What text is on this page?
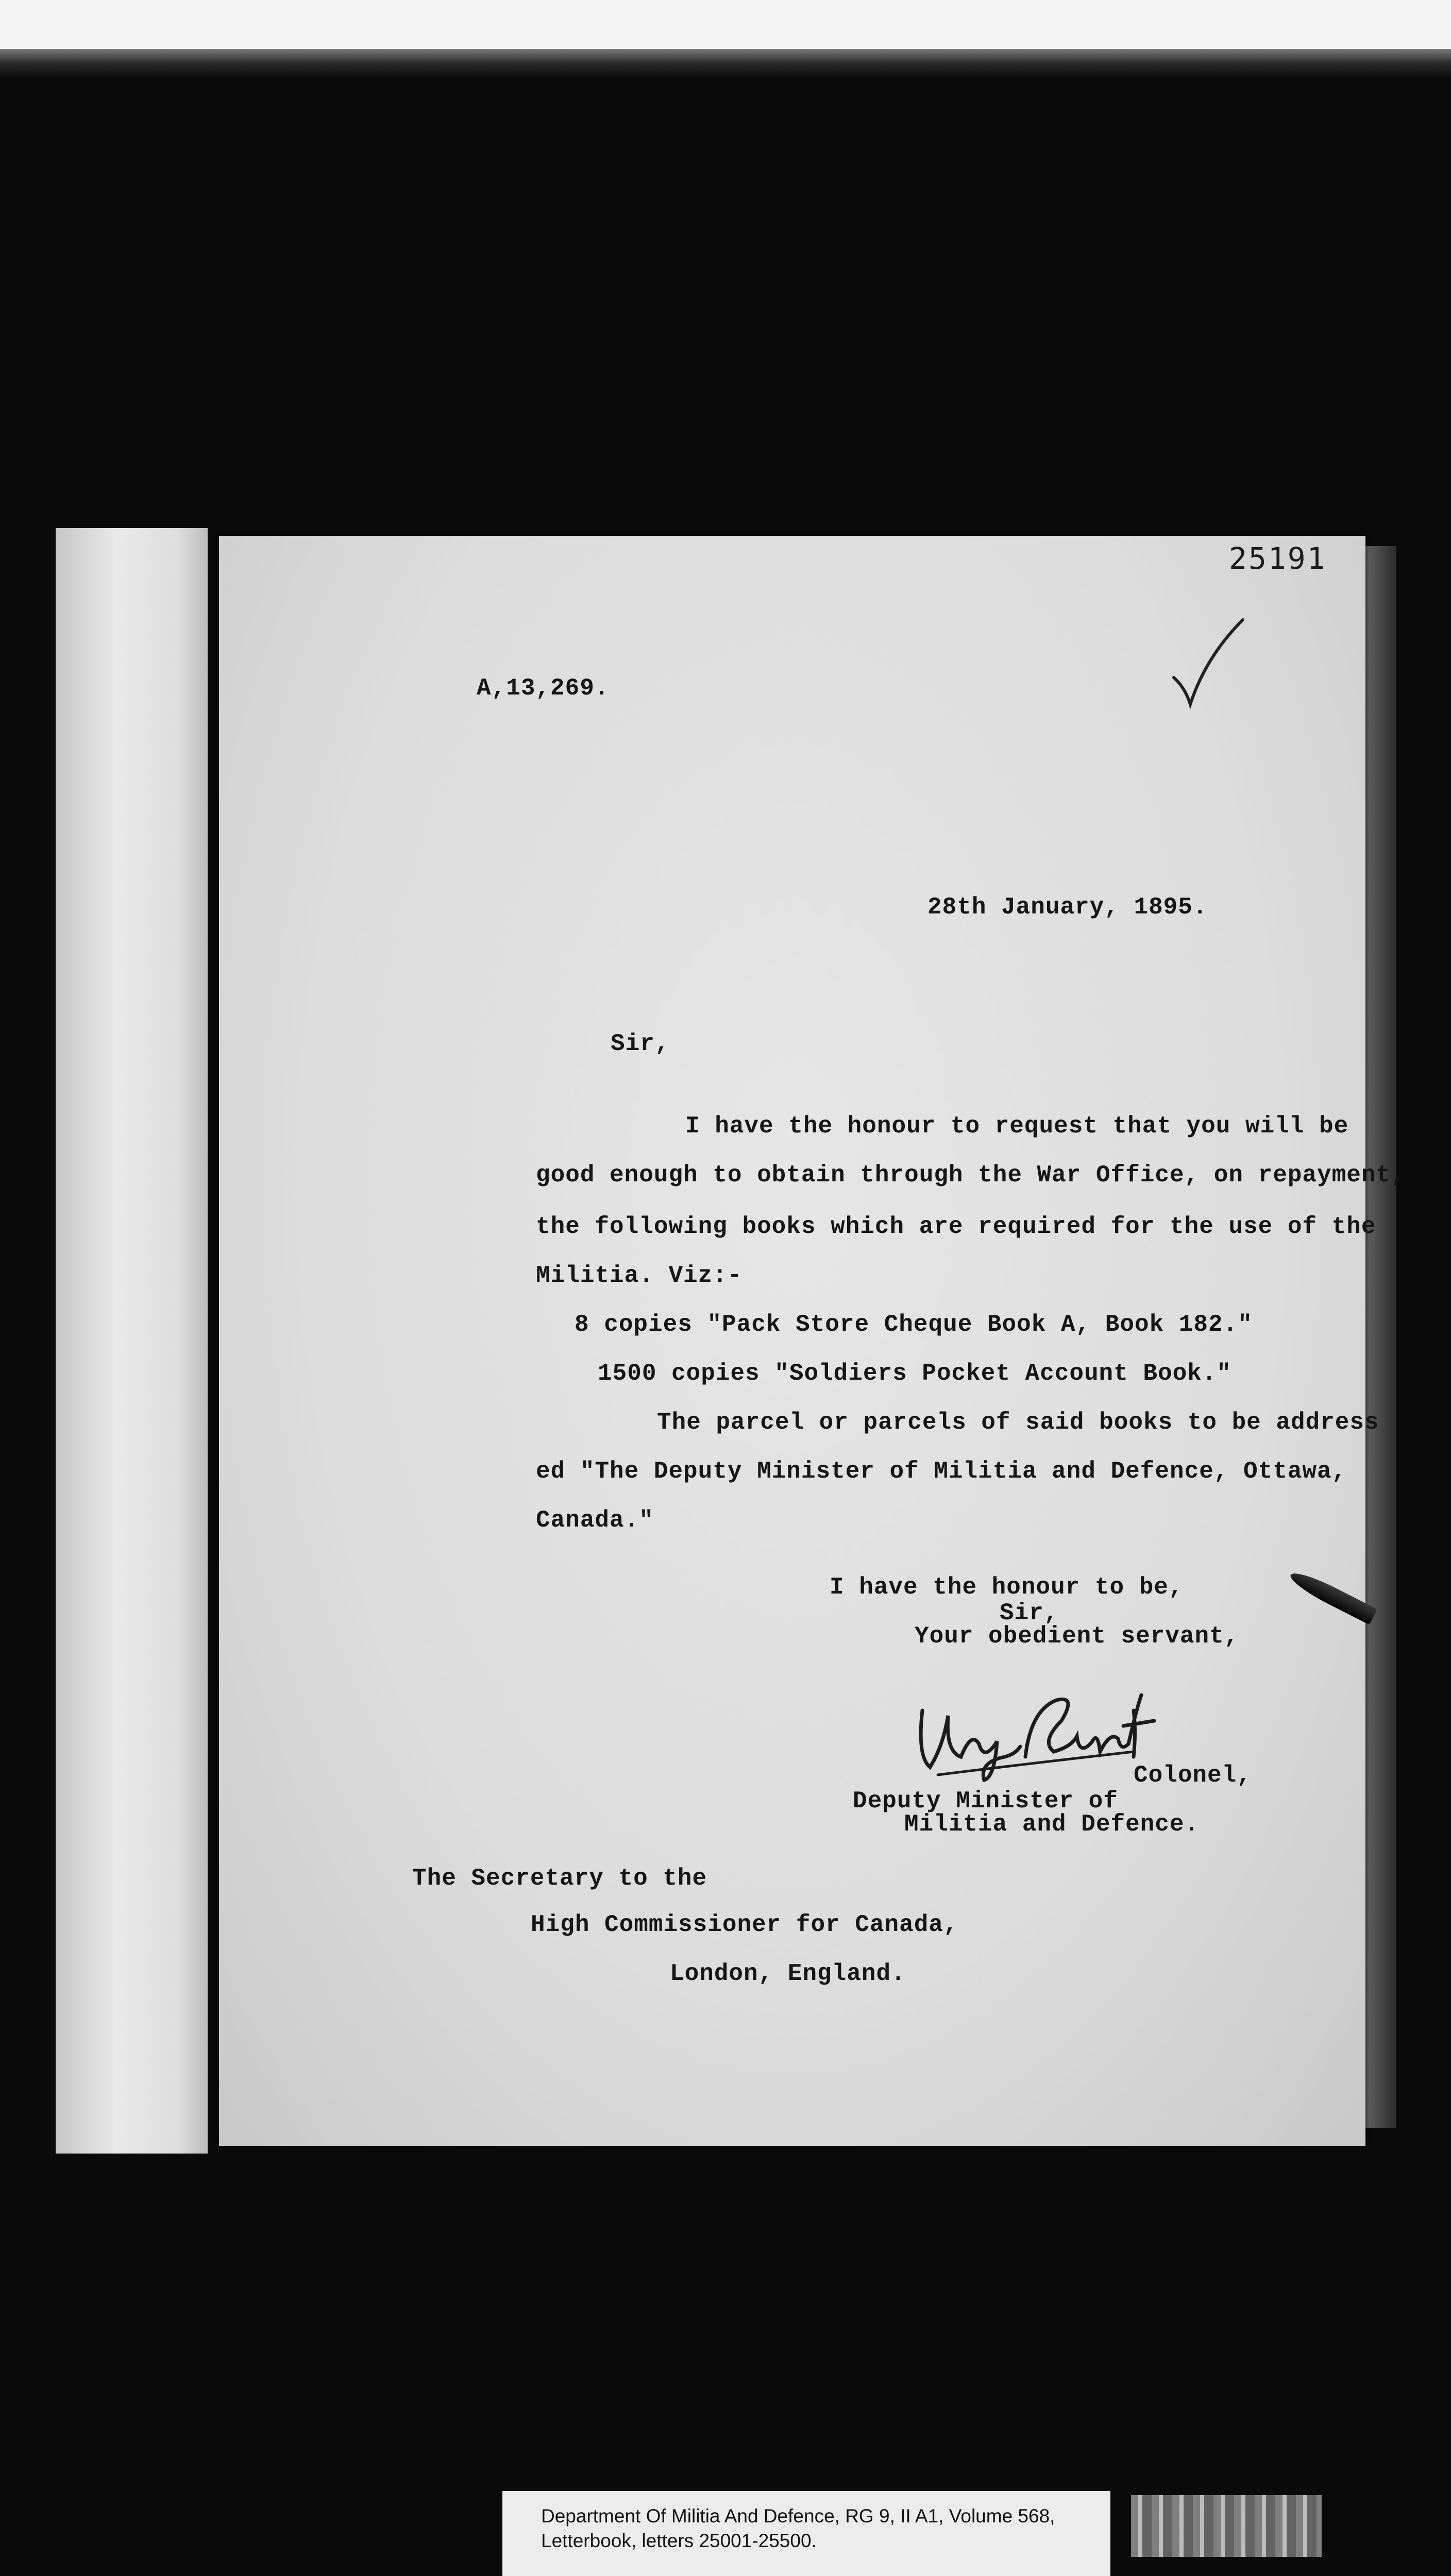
25191
A,13,269.
28th January, 1895.
Sir,
I have the honour to request that you will be
good enough to obtain through the War Office, on repayment,
the following books which are required for the use of the
Militia. Viz:-
8 copies "Pack Store Cheque Book A, Book 182."
1500 copies "Soldiers Pocket Account Book."
The parcel or parcels of said books to be address
ed "The Deputy Minister of Militia and Defence, Ottawa,
Canada."
I have the honour to be,
Sir,
Your obedient servant,
Colonel,
Deputy Minister of
Militia and Defence.
The Secretary to the
High Commissioner for Canada,
London, England.
Department Of Militia And Defence, RG 9, II A1, Volume 568,
Letterbook, letters 25001-25500.
